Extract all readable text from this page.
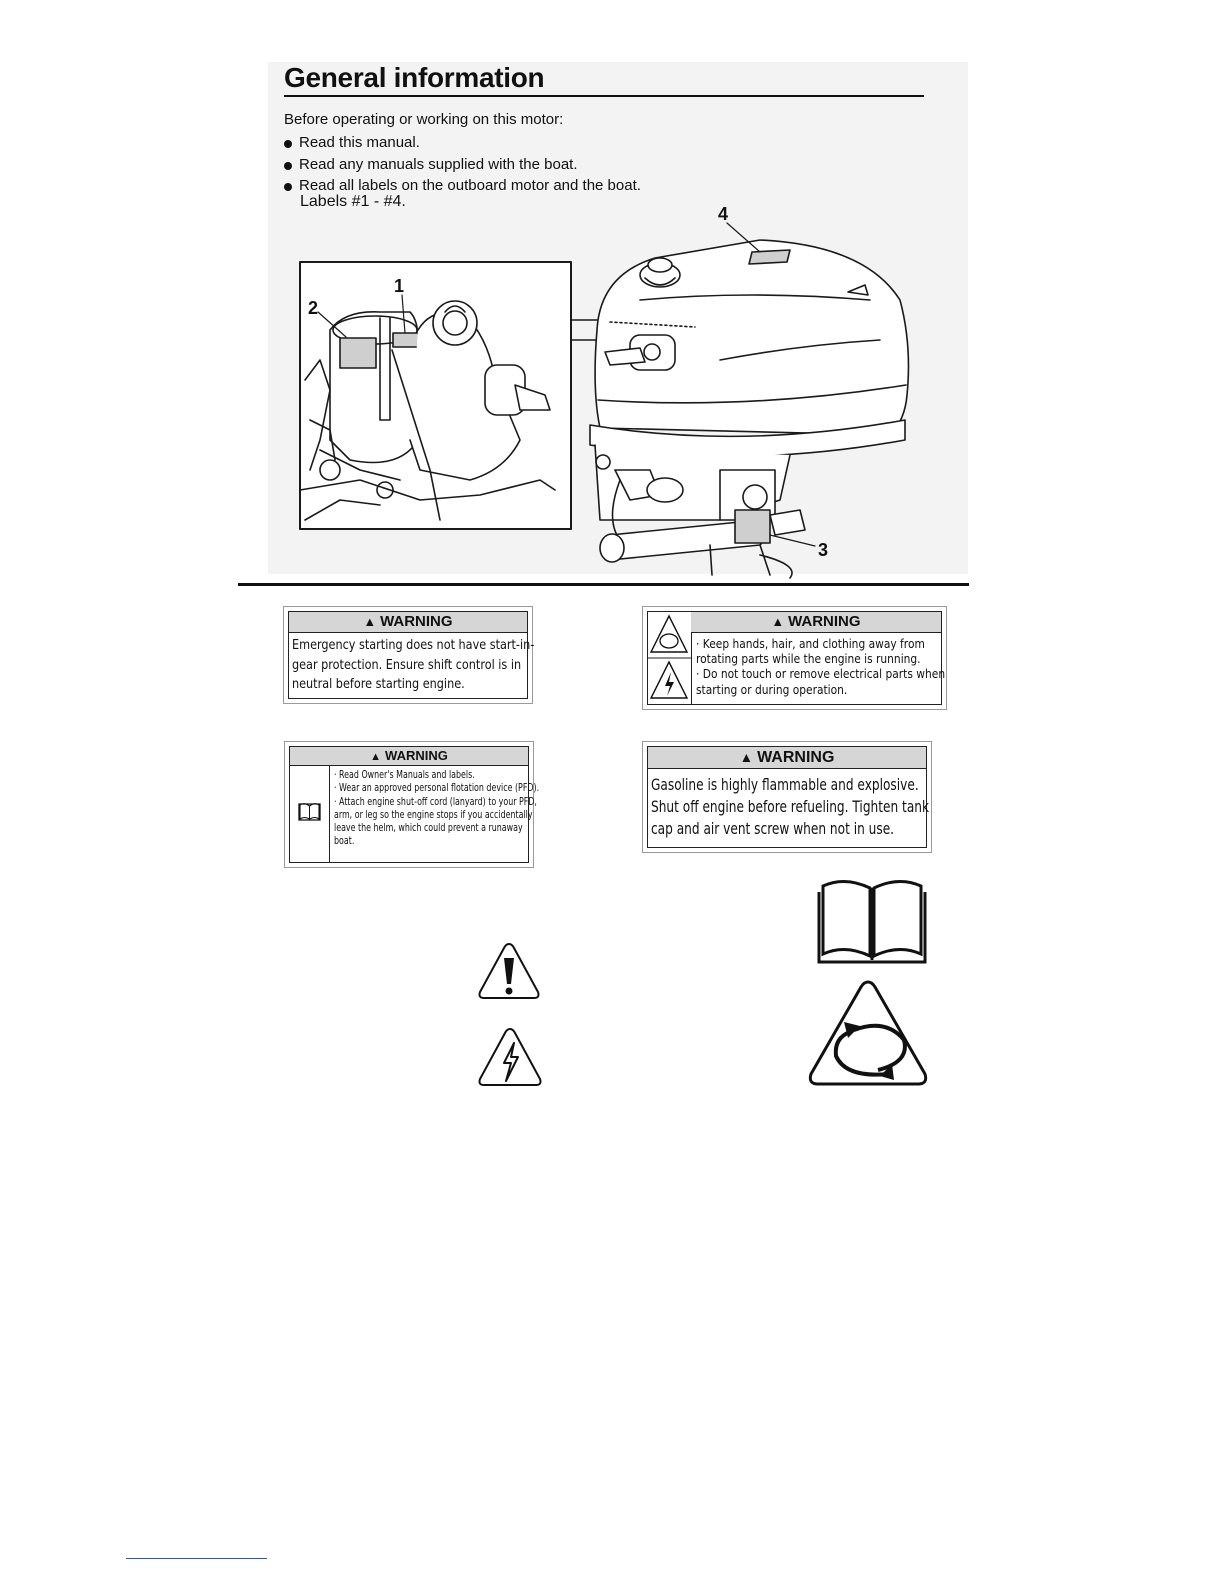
General information
Before operating or working on this motor:
Read this manual.
Read any manuals supplied with the boat.
Read all labels on the outboard motor and the boat.
Labels #1 - #4.
1
2
3
4
▲ WARNING

Emergency starting does not have start-in-

gear protection. Ensure shift control is in

neutral before starting engine.

▲ WARNING

· Keep hands, hair, and clothing away from

rotating parts while the engine is running.

· Do not touch or remove electrical parts when

starting or during operation.

▲ WARNING

· Read Owner's Manuals and labels.

· Wear an approved personal flotation device (PFD).

· Attach engine shut-off cord (lanyard) to your PFD,

arm, or leg so the engine stops if you accidentally

leave the helm, which could prevent a runaway

boat.

▲ WARNING

Gasoline is highly flammable and explosive.

Shut off engine before refueling. Tighten tank

cap and air vent screw when not in use.
